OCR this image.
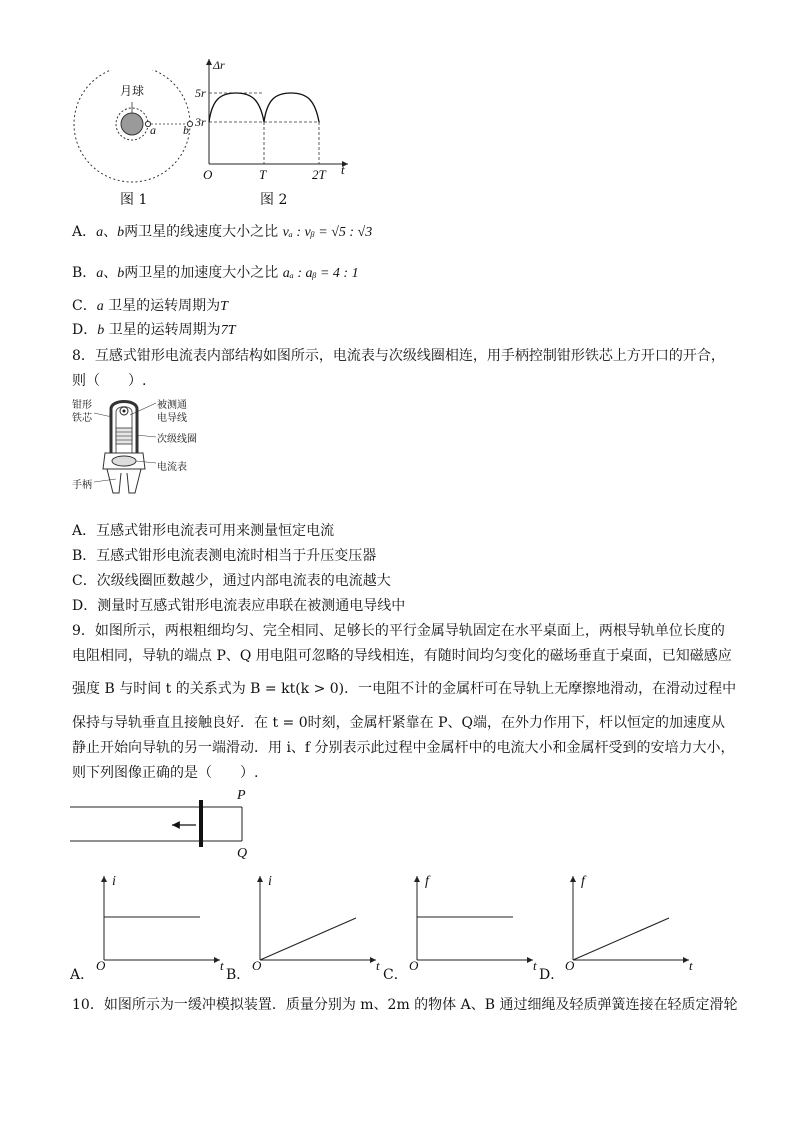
月球
a b
图 1
Δr
5r
3r
O	T	2T t
图 2
A．a、b两卫星的线速度大小之比 vₐ : vᵦ = √5 : √3
B．a、b两卫星的加速度大小之比 aₐ : aᵦ = 4 : 1
C．a 卫星的运转周期为T
D．b 卫星的运转周期为7T
8．互感式钳形电流表内部结构如图所示，电流表与次级线圈相连，用手柄控制钳形铁芯上方开口的开合，
则（　　）.
钳形
铁芯
被测通
电导线
次级线圈
电流表
手柄
A．互感式钳形电流表可用来测量恒定电流
B．互感式钳形电流表测电流时相当于升压变压器
C．次级线圈匝数越少，通过内部电流表的电流越大
D．测量时互感式钳形电流表应串联在被测通电导线中
9．如图所示，两根粗细均匀、完全相同、足够长的平行金属导轨固定在水平桌面上，两根导轨单位长度的
电阻相同，导轨的端点 P、Q 用电阻可忽略的导线相连，有随时间均匀变化的磁场垂直于桌面，已知磁感应
强度 B 与时间 t 的关系式为 B = kt(k > 0)．一电阻不计的金属杆可在导轨上无摩擦地滑动，在滑动过程中
保持与导轨垂直且接触良好．在 t = 0时刻，金属杆紧靠在 P、Q端，在外力作用下，杆以恒定的加速度从
静止开始向导轨的另一端滑动．用 i、f 分别表示此过程中金属杆中的电流大小和金属杆受到的安培力大小，
则下列图像正确的是（　　）.
P
Q
A．
i
O	t
B．
i
O	t
C．
f
O	t
D．
f
O	t
10．如图所示为一缓冲模拟装置．质量分别为 m、2m 的物体 A、B 通过细绳及轻质弹簧连接在轻质定滑轮
